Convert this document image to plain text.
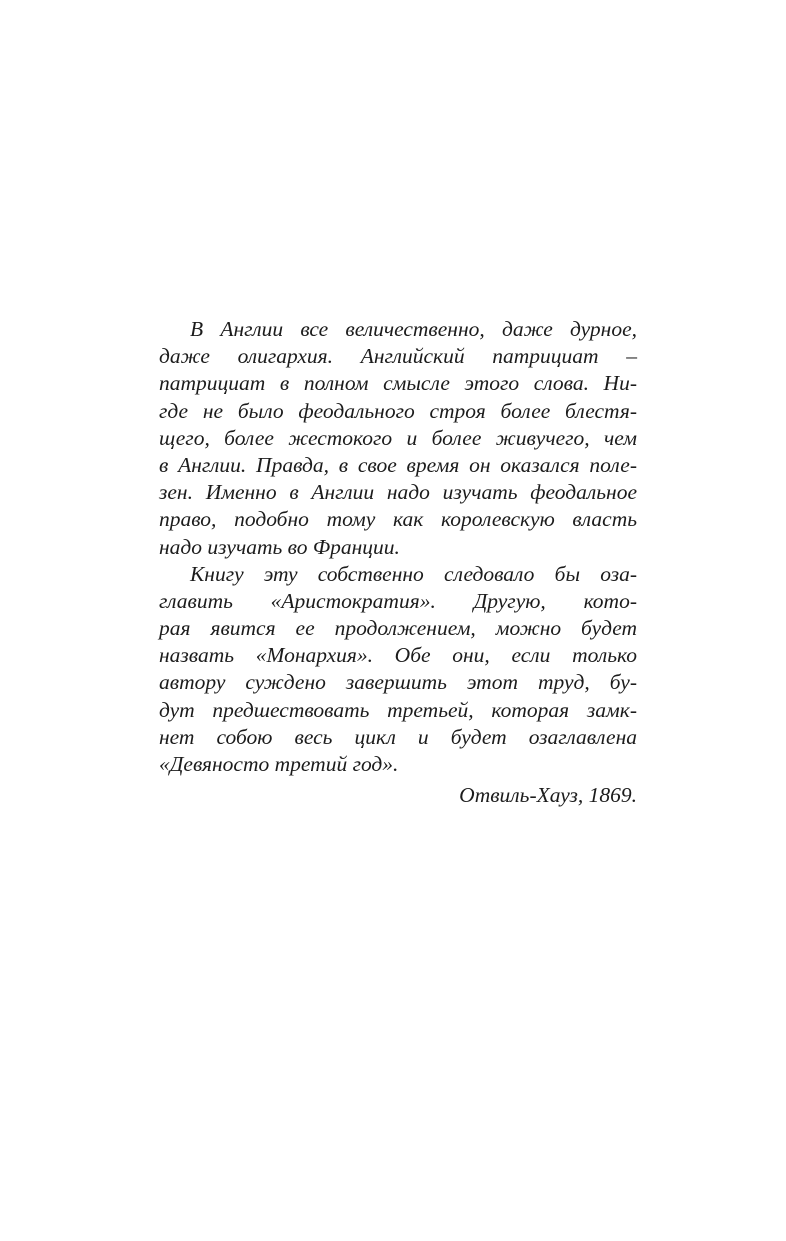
В Англии все величественно, даже дурное,
даже олигархия. Английский патрициат –
патрициат в полном смысле этого слова. Ни-
где не было феодального строя более блестя-
щего, более жестокого и более живучего, чем
в Англии. Правда, в свое время он оказался поле-
зен. Именно в Англии надо изучать феодальное
право, подобно тому как королевскую власть
надо изучать во Франции.
Книгу эту собственно следовало бы оза-
главить «Аристократия». Другую, кото-
рая явится ее продолжением, можно будет
назвать «Монархия». Обе они, если только
автору суждено завершить этот труд, бу-
дут предшествовать третьей, которая замк-
нет собою весь цикл и будет озаглавлена
«Девяносто третий год».
Отвиль-Хауз, 1869.
